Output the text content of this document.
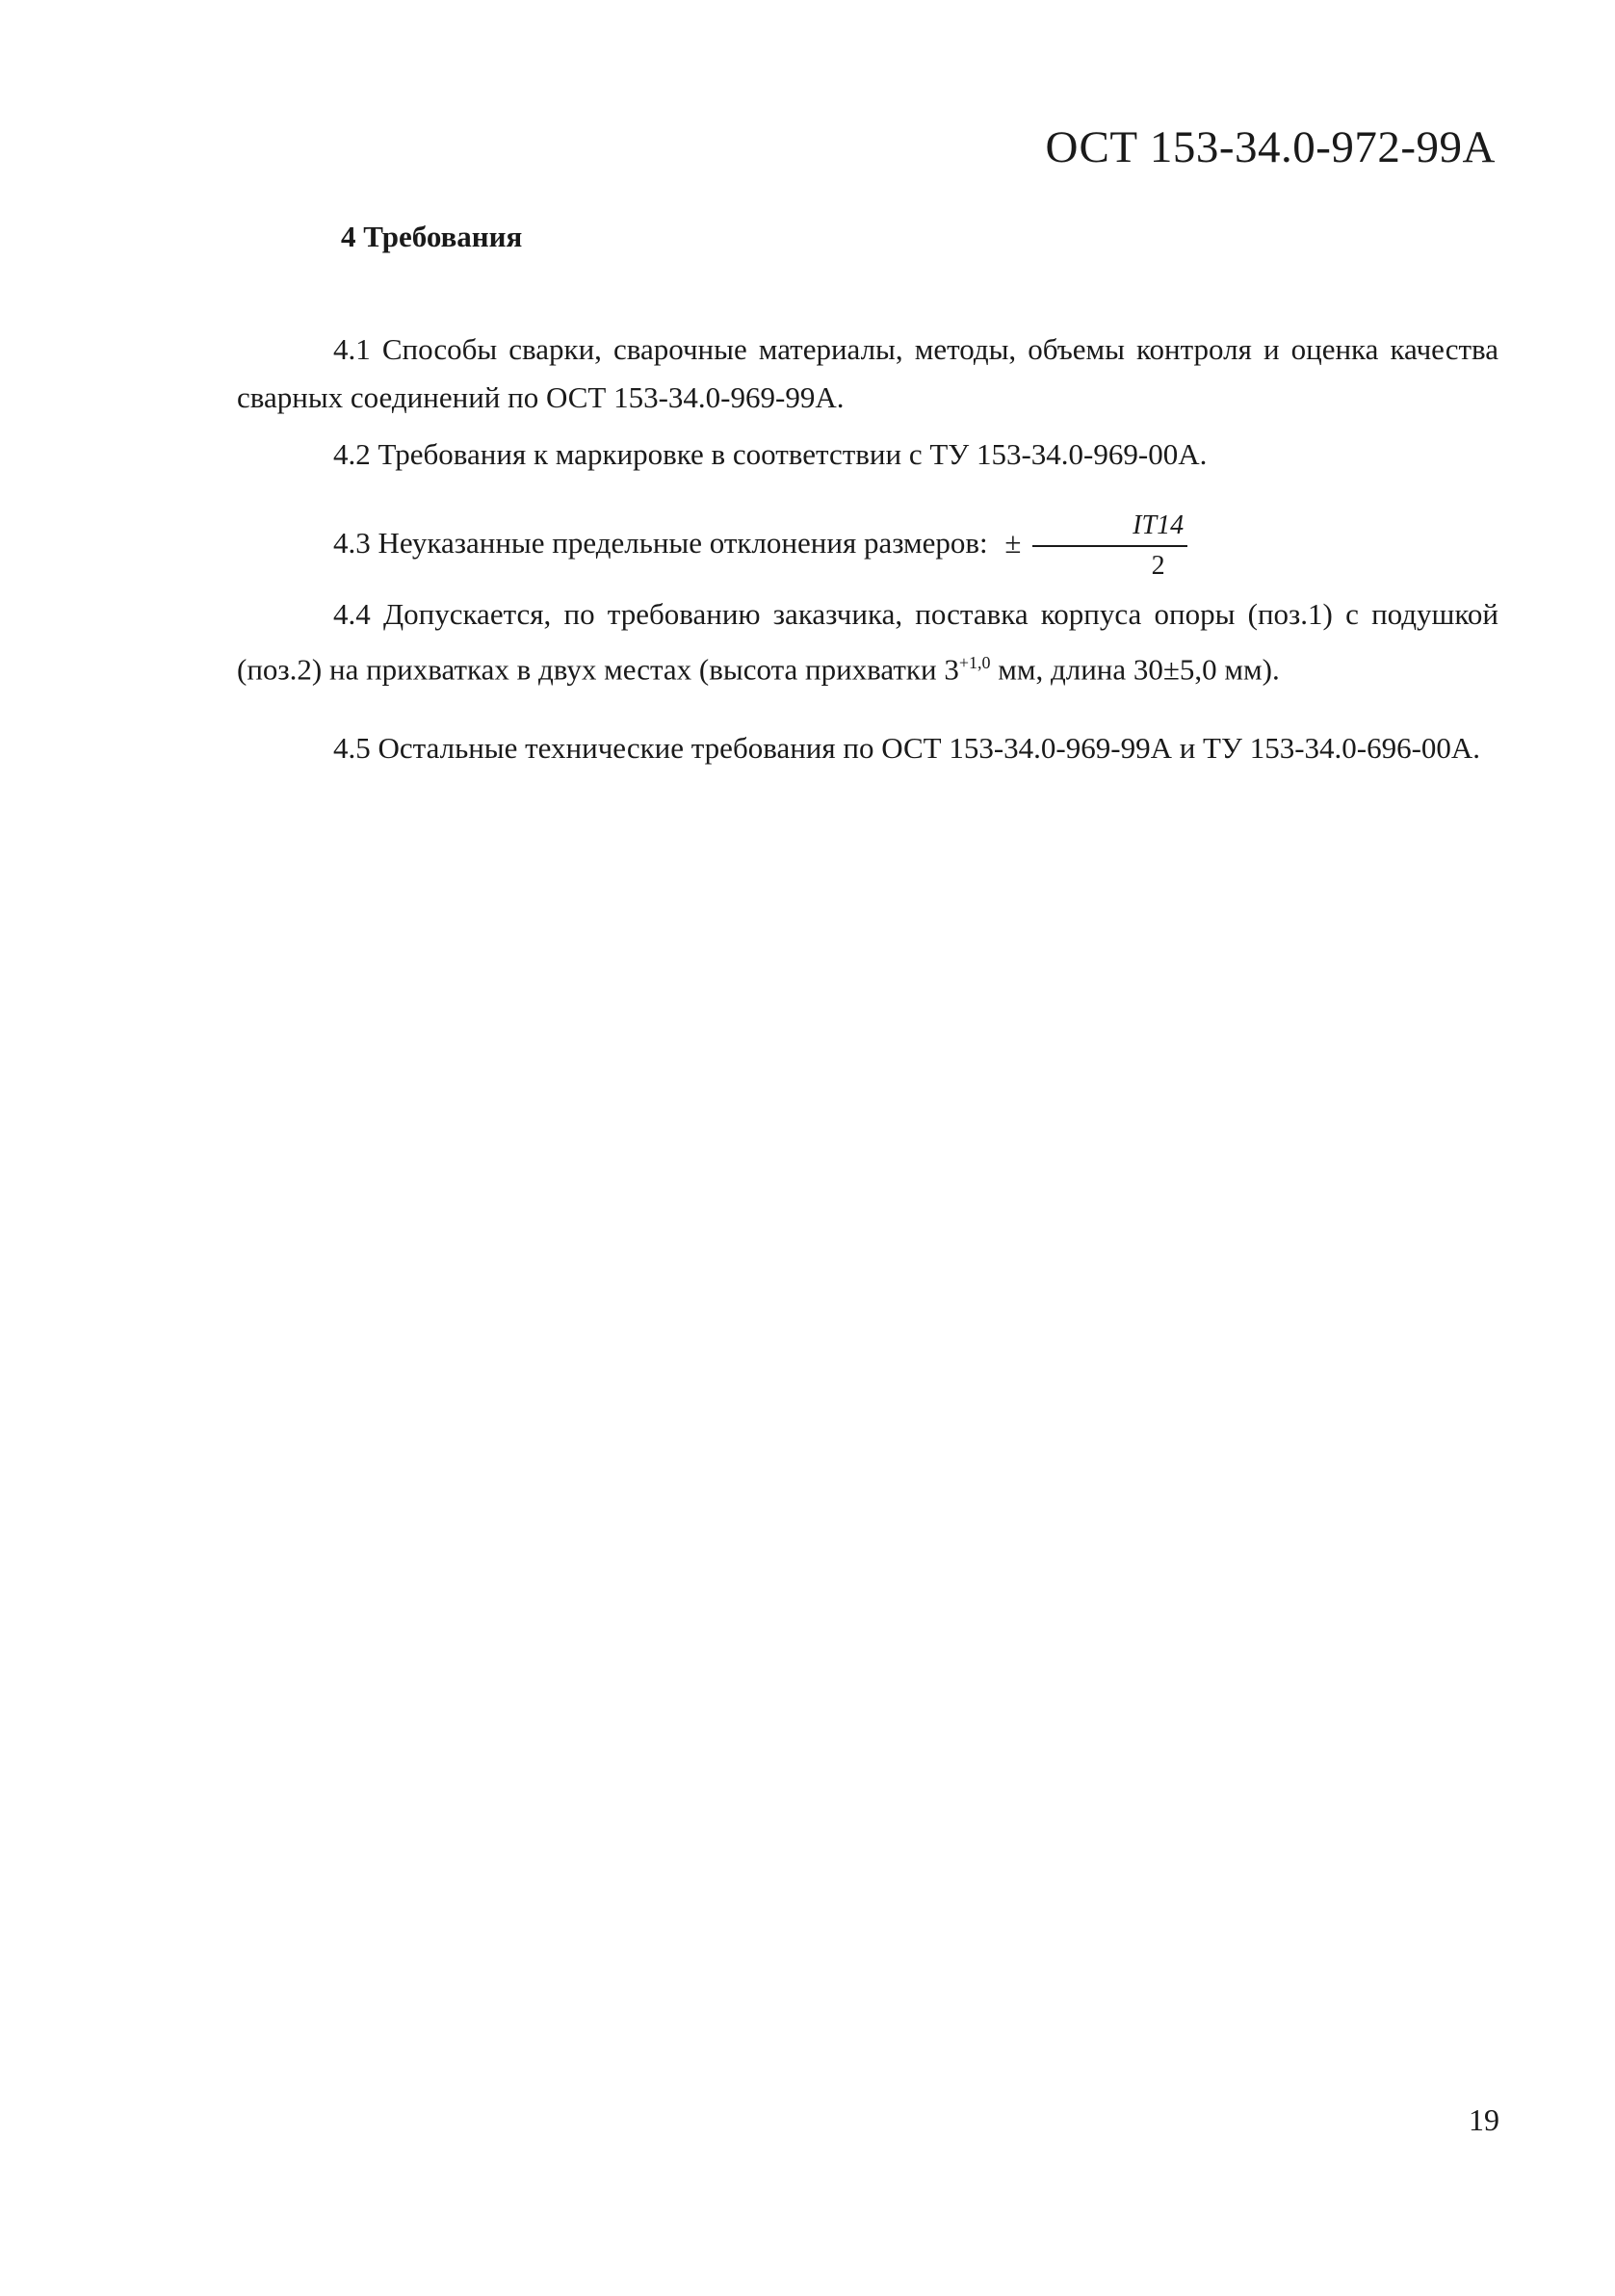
ОСТ 153-34.0-972-99А
4 Требования
4.1 Способы сварки, сварочные материалы, методы, объемы контроля и оценка качества сварных соединений по ОСТ 153-34.0-969-99А.
4.2 Требования к маркировке в соответствии с ТУ 153-34.0-969-00А.
4.3 Неуказанные предельные отклонения размеров: ± $\frac{IT14}{2}$
4.4 Допускается, по требованию заказчика, поставка корпуса опоры (поз.1) с подушкой (поз.2) на прихватках в двух местах (высота прихватки $3^{+1,0}$ мм, длина 30±5,0 мм).
4.5 Остальные технические требования по ОСТ 153-34.0-969-99А и ТУ 153-34.0-696-00А.
19
